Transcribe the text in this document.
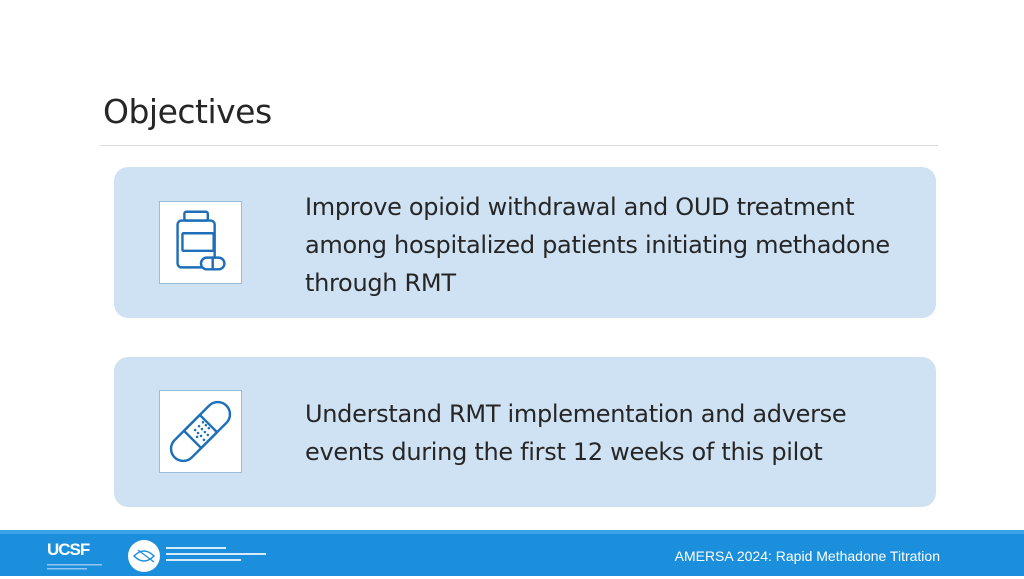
Objectives
Improve opioid withdrawal and OUD treatment among hospitalized patients initiating methadone through RMT
Understand RMT implementation and adverse events during the first 12 weeks of this pilot
UCSF	AMERSA 2024: Rapid Methadone Titration
